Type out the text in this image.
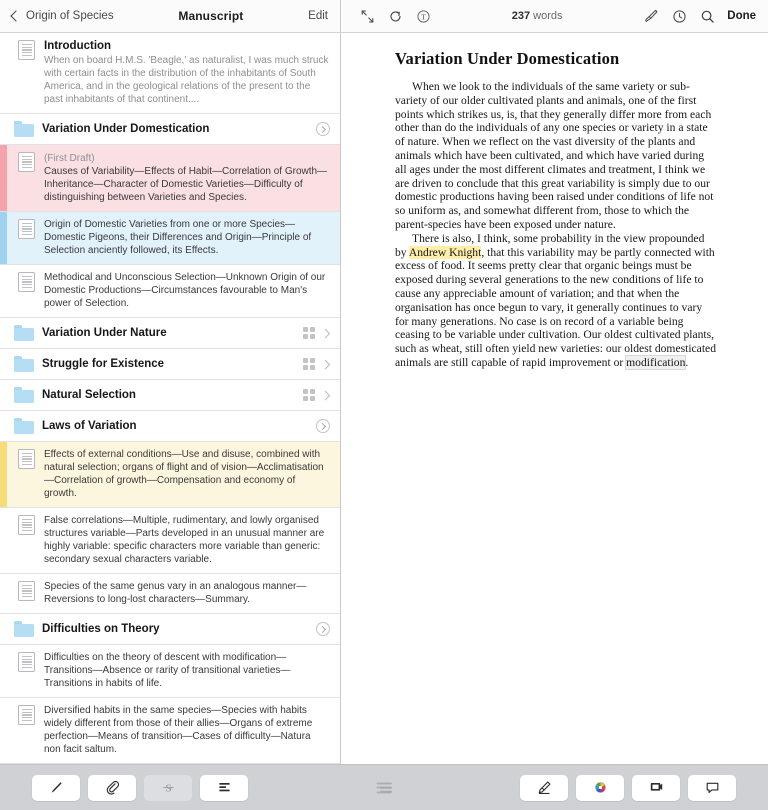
Origin of Species	Manuscript	Edit
Introduction
When on board H.M.S. 'Beagle,' as naturalist, I was much struck with certain facts in the distribution of the inhabitants of South America, and in the geological relations of the present to the past inhabitants of that continent....
Variation Under Domestication
(First Draft)
Causes of Variability—Effects of Habit—Correlation of Growth—Inheritance—Character of Domestic Varieties—Difficulty of distinguishing between Varieties and Species.
Origin of Domestic Varieties from one or more Species—Domestic Pigeons, their Differences and Origin—Principle of Selection anciently followed, its Effects.
Methodical and Unconscious Selection—Unknown Origin of our Domestic Productions—Circumstances favourable to Man's power of Selection.
Variation Under Nature
Struggle for Existence
Natural Selection
Laws of Variation
Effects of external conditions—Use and disuse, combined with natural selection; organs of flight and of vision—Acclimatisation—Correlation of growth—Compensation and economy of growth.
False correlations—Multiple, rudimentary, and lowly organised structures variable—Parts developed in an unusual manner are highly variable: specific characters more variable than generic: secondary sexual characters variable.
Species of the same genus vary in an analogous manner—Reversions to long-lost characters—Summary.
Difficulties on Theory
Difficulties on the theory of descent with modification—Transitions—Absence or rarity of transitional varieties—Transitions in habits of life.
Diversified habits in the same species—Species with habits widely different from those of their allies—Organs of extreme perfection—Means of transition—Cases of difficulty—Natura non facit saltum.
T	237 words	Done
Variation Under Domestication

When we look to the individuals of the same variety or sub-variety of our older cultivated plants and animals, one of the first points which strikes us, is, that they generally differ more from each other than do the individuals of any one species or variety in a state of nature. When we reflect on the vast diversity of the plants and animals which have been cultivated, and which have varied during all ages under the most different climates and treatment, I think we are driven to conclude that this great variability is simply due to our domestic productions having been raised under conditions of life not so uniform as, and somewhat different from, those to which the parent-species have been exposed under nature.

There is also, I think, some probability in the view propounded by Andrew Knight, that this variability may be partly connected with excess of food. It seems pretty clear that organic beings must be exposed during several generations to the new conditions of life to cause any appreciable amount of variation; and that when the organisation has once begun to vary, it generally continues to vary for many generations. No case is on record of a variable being ceasing to be variable under cultivation. Our oldest cultivated plants, such as wheat, still often yield new varieties: our oldest domesticated animals are still capable of rapid improvement or modification.

S
